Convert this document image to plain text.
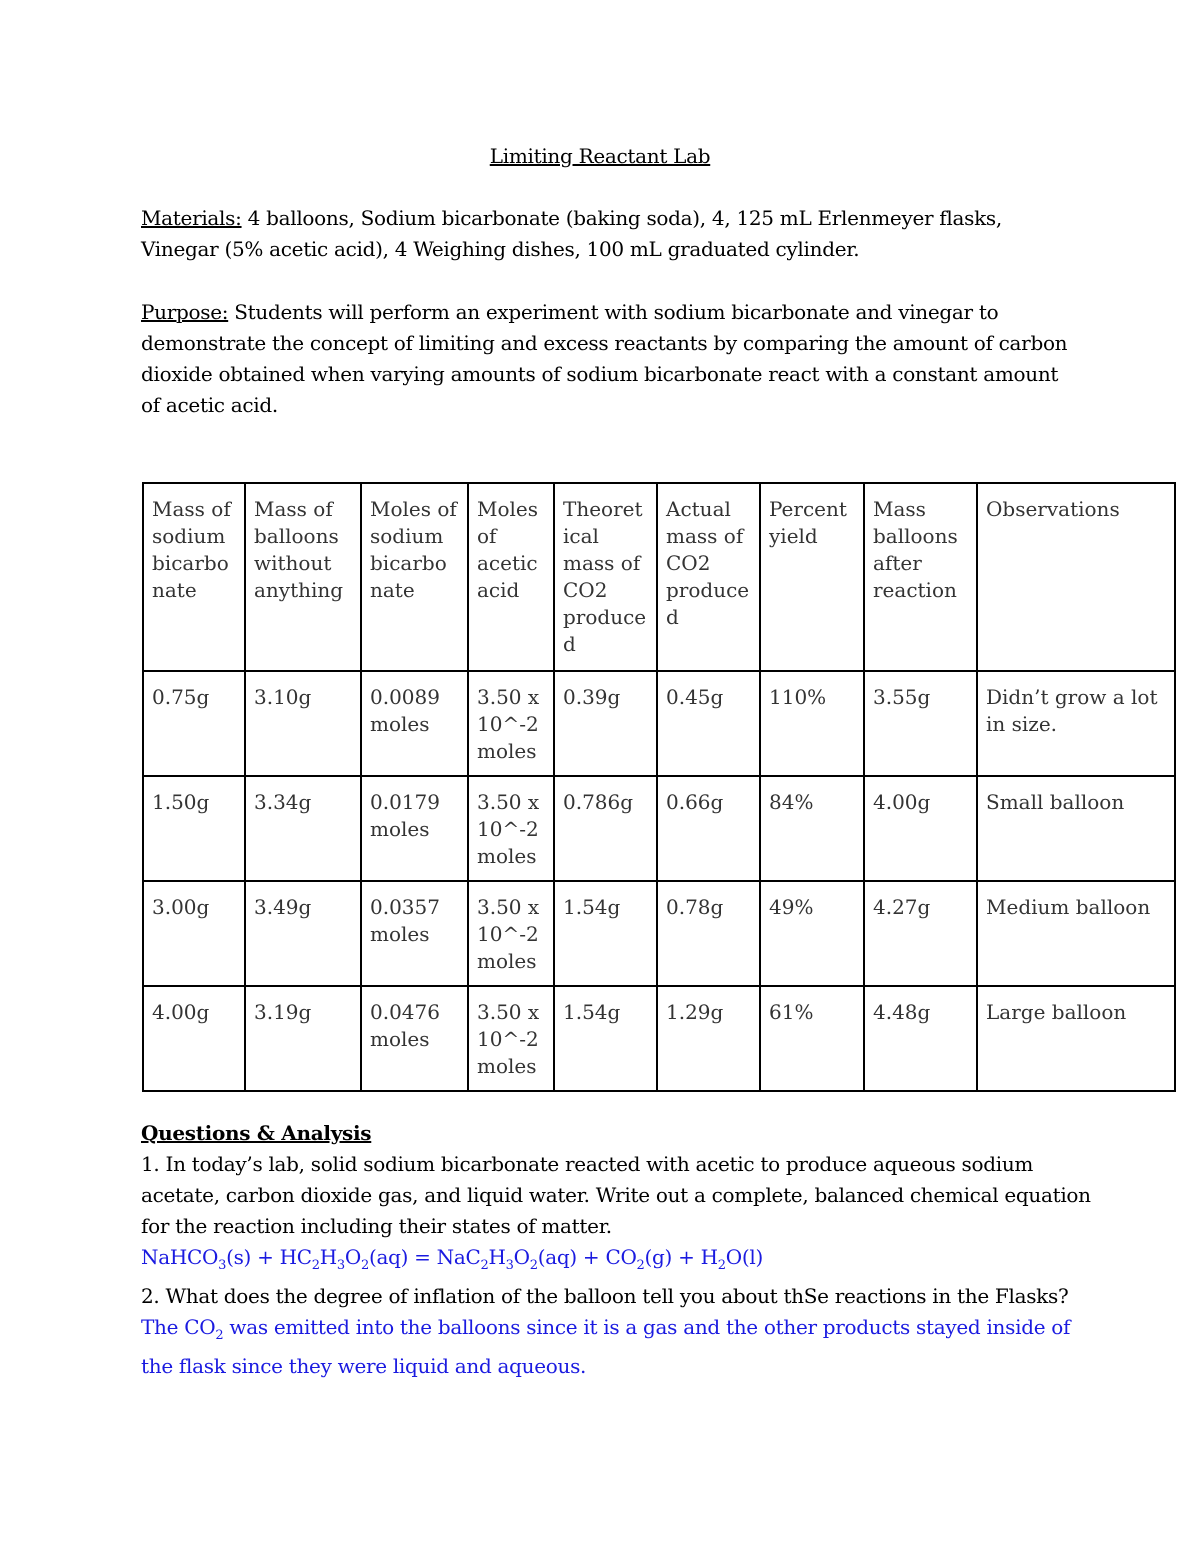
Limiting Reactant Lab
Materials: 4 balloons, Sodium bicarbonate (baking soda), 4, 125 mL Erlenmeyer flasks, Vinegar (5% acetic acid), 4 Weighing dishes, 100 mL graduated cylinder.
Purpose: Students will perform an experiment with sodium bicarbonate and vinegar to demonstrate the concept of limiting and excess reactants by comparing the amount of carbon dioxide obtained when varying amounts of sodium bicarbonate react with a constant amount of acetic acid.
Mass of sodium bicarbonate	Mass of balloons without anything	Moles of sodium bicarbonate	Moles of acetic acid	Theoretical mass of CO2 produced	Actual mass of CO2 produced	Percent yield	Mass balloons after reaction	Observations
0.75g	3.10g	0.0089 moles	3.50 x 10^-2 moles	0.39g	0.45g	110%	3.55g	Didn’t grow a lot in size.
1.50g	3.34g	0.0179 moles	3.50 x 10^-2 moles	0.786g	0.66g	84%	4.00g	Small balloon
3.00g	3.49g	0.0357 moles	3.50 x 10^-2 moles	1.54g	0.78g	49%	4.27g	Medium balloon
4.00g	3.19g	0.0476 moles	3.50 x 10^-2 moles	1.54g	1.29g	61%	4.48g	Large balloon
Questions & Analysis
1. In today’s lab, solid sodium bicarbonate reacted with acetic to produce aqueous sodium acetate, carbon dioxide gas, and liquid water. Write out a complete, balanced chemical equation for the reaction including their states of matter.
NaHCO$_3$(s) + $HC_2H_3O_2(aq) = NaC_2H_3O_2(aq) + CO_2(g) + H_2O(l)$
2. What does the degree of inflation of the balloon tell you about thSe reactions in the Flasks?
The $CO_2$ was emitted into the balloons since it is a gas and the other products stayed inside of the flask since they were liquid and aqueous.
